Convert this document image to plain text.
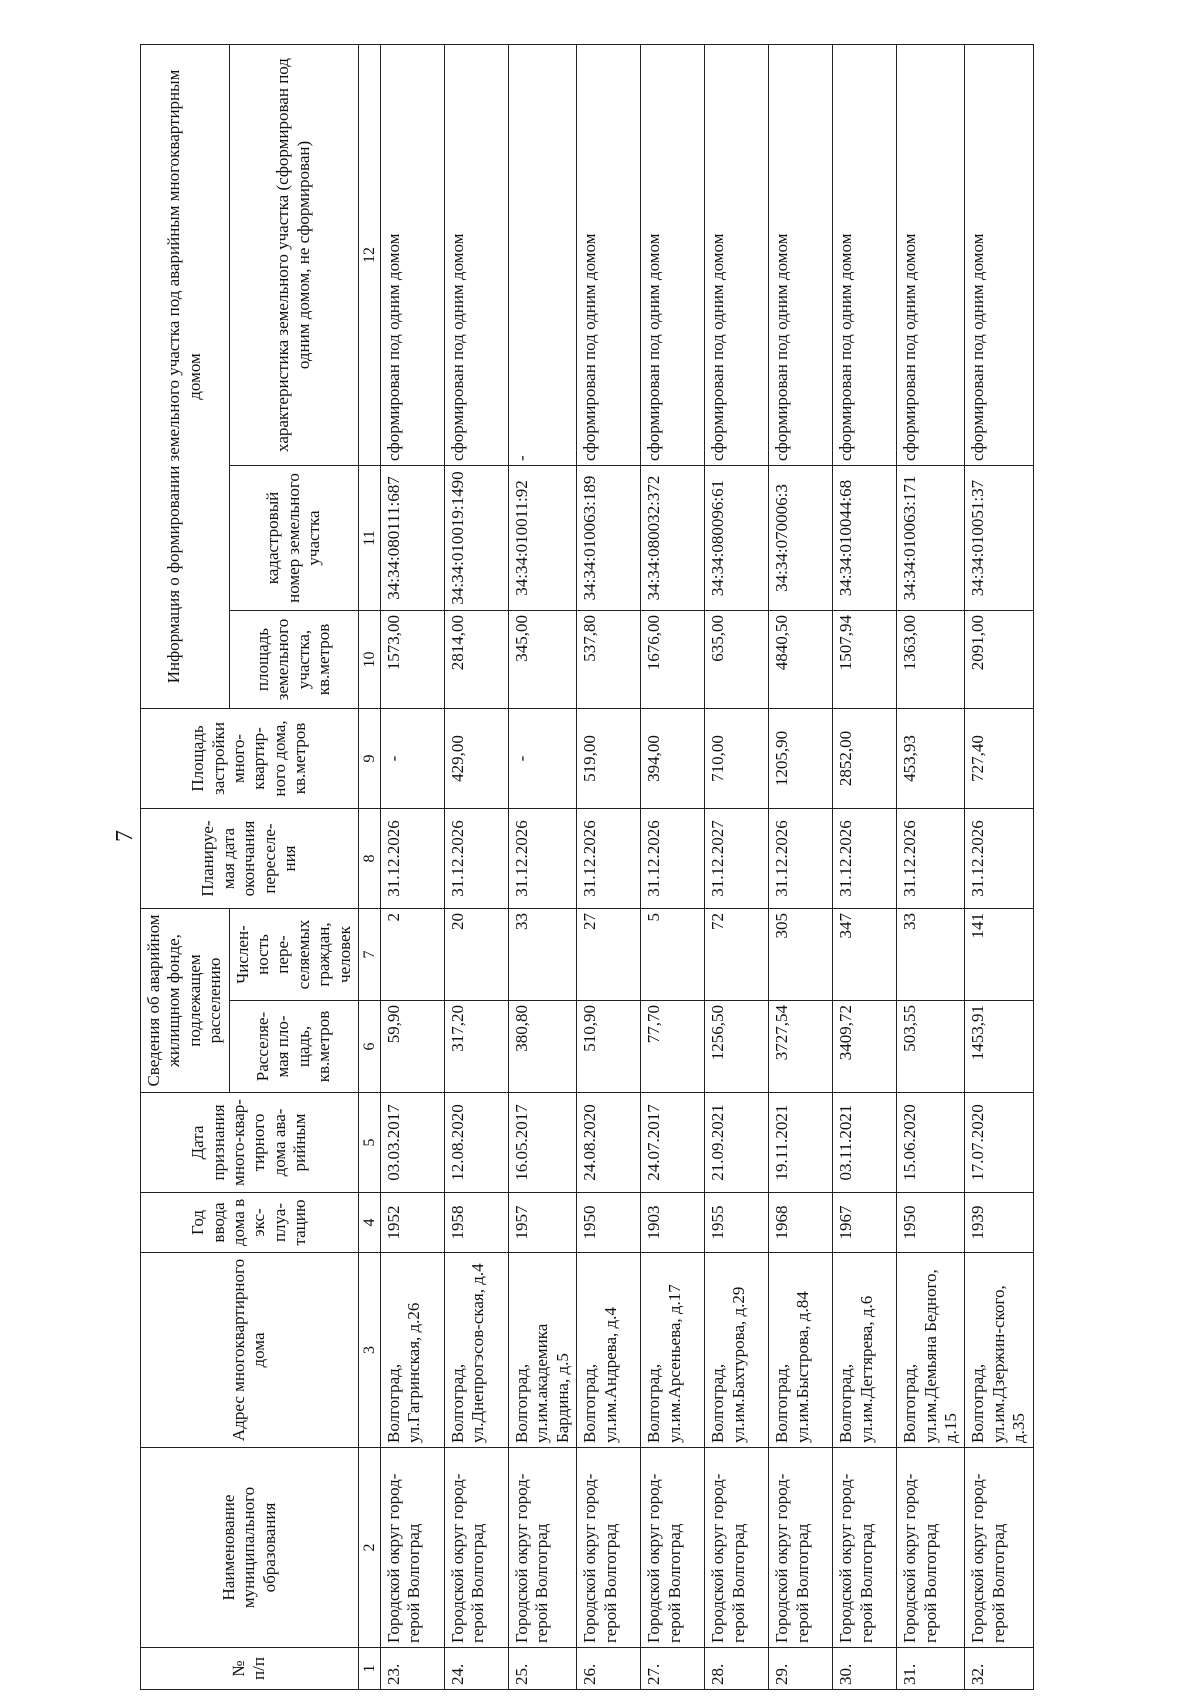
7
№ п/п	Наименование муниципального образования	Адрес многоквартирного дома	Год ввода дома в экс-плуа-тацию	Дата признания много-квар-тирного дома ава-рийным	Сведения об аварийном жилищном фонде, подлежащем расселению		Планируе-мая дата окончания переселе-ния	Площадь застройки много-квартир-ного дома, кв.метров	Информация о формировании земельного участка под аварийным многоквартирным домом		
					Расселяе-мая пло-щадь, кв.метров	Числен-ность пере-селяемых граждан, человек			площадь земельного участка, кв.метров	кадастровый номер земельного участка	характеристика земельного участка (сформирован под одним домом, не сформирован)
1	2	3	4	5	6	7	8	9	10	11	12
23.	Городской округ город-герой Волгоград	Волгоград, ул.Гагринская, д.26	1952	03.03.2017	59,90	2	31.12.2026	-	1573,00	34:34:080111:687	сформирован под одним домом
24.	Городской округ город-герой Волгоград	Волгоград, ул.Днепрогэсов-ская, д.4	1958	12.08.2020	317,20	20	31.12.2026	429,00	2814,00	34:34:010019:1490	сформирован под одним домом
25.	Городской округ город-герой Волгоград	Волгоград, ул.им.академика Бардина, д.5	1957	16.05.2017	380,80	33	31.12.2026	-	345,00	34:34:010011:92	-
26.	Городской округ город-герой Волгоград	Волгоград, ул.им.Андрева, д.4	1950	24.08.2020	510,90	27	31.12.2026	519,00	537,80	34:34:010063:189	сформирован под одним домом
27.	Городской округ город-герой Волгоград	Волгоград, ул.им.Арсеньева, д.17	1903	24.07.2017	77,70	5	31.12.2026	394,00	1676,00	34:34:080032:372	сформирован под одним домом
28.	Городской округ город-герой Волгоград	Волгоград, ул.им.Бахтурова, д.29	1955	21.09.2021	1256,50	72	31.12.2027	710,00	635,00	34:34:080096:61	сформирован под одним домом
29.	Городской округ город-герой Волгоград	Волгоград, ул.им.Быстрова, д.84	1968	19.11.2021	3727,54	305	31.12.2026	1205,90	4840,50	34:34:070006:3	сформирован под одним домом
30.	Городской округ город-герой Волгоград	Волгоград, ул.им.Дегтярева, д.6	1967	03.11.2021	3409,72	347	31.12.2026	2852,00	1507,94	34:34:010044:68	сформирован под одним домом
31.	Городской округ город-герой Волгоград	Волгоград, ул.им.Демьяна Бедного, д.15	1950	15.06.2020	503,55	33	31.12.2026	453,93	1363,00	34:34:010063:171	сформирован под одним домом
32.	Городской округ город-герой Волгоград	Волгоград, ул.им.Дзержин-ского, д.35	1939	17.07.2020	1453,91	141	31.12.2026	727,40	2091,00	34:34:010051:37	сформирован под одним домом
